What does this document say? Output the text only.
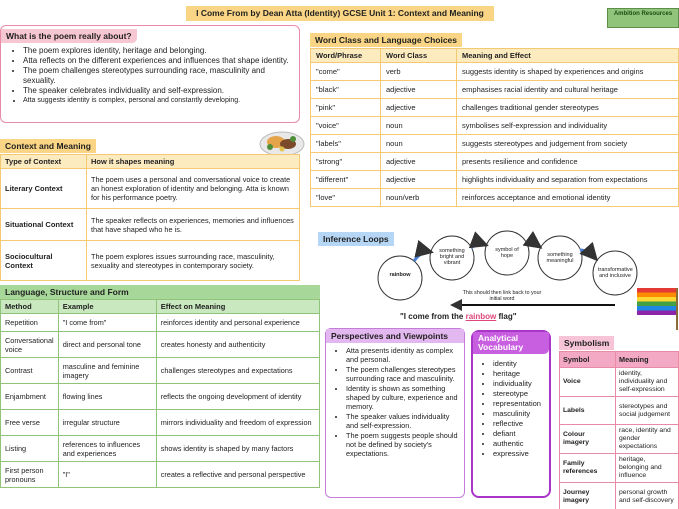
I Come From by Dean Atta (Identity) GCSE Unit 1: Context and Meaning	Ambition Resources
What is the poem really about?
• The poem explores identity, heritage and belonging.
• Atta reflects on the different experiences and influences that shape identity.
• The poem challenges stereotypes surrounding race, masculinity and sexuality.
• The speaker celebrates individuality and self-expression.
• Atta suggests identity is complex, personal and constantly developing.
Context and Meaning
Type of Context	How it shapes meaning
Literary Context	The poem uses a personal and conversational voice to create an honest exploration of identity and belonging. Atta is known for his performance poetry.
Situational Context	The speaker reflects on experiences, memories and influences that have shaped who he is.
Sociocultural Context	The poem explores issues surrounding race, masculinity, sexuality and stereotypes in contemporary society.
Language, Structure and Form
Method	Example	Effect on Meaning
Repetition	"I come from"	reinforces identity and personal experience
Conversational voice	direct and personal tone	creates honesty and authenticity
Contrast	masculine and feminine imagery	challenges stereotypes and expectations
Enjambment	flowing lines	reflects the ongoing development of identity
Free verse	irregular structure	mirrors individuality and freedom of expression
Listing	references to influences and experiences	shows identity is shaped by many factors
First person pronouns	"I"	creates a reflective and personal perspective
Word Class and Language Choices
Word/Phrase	Word Class	Meaning and Effect
"come"	verb	suggests identity is shaped by experiences and origins
"black"	adjective	emphasises racial identity and cultural heritage
"pink"	adjective	challenges traditional gender stereotypes
"voice"	noun	symbolises self-expression and individuality
"labels"	noun	suggests stereotypes and judgement from society
"strong"	adjective	presents resilience and confidence
"different"	adjective	highlights individuality and separation from expectations
"love"	noun/verb	reinforces acceptance and emotional identity
Inference Loops
rainbow
something bright and vibrant
symbol of hope	something meaningful
transformative and inclusive
This should then link back to your initial word
"I come from the rainbow flag"
Perspectives and Viewpoints
• Atta presents identity as complex and personal.
• The poem challenges stereotypes surrounding race and masculinity.
• Identity is shown as something shaped by culture, experience and memory.
• The speaker values individuality and self-expression.
• The poem suggests people should not be defined by society's expectations.
Analytical Vocabulary
• identity
• heritage
• individuality
• stereotype
• representation
• masculinity
• reflective
• defiant
• authentic
• expressive
Symbolism
Symbol	Meaning
Voice	identity, individuality and self-expression
Labels	stereotypes and social judgement
Colour imagery	race, identity and gender expectations
Family references	heritage, belonging and influence
Journey imagery	personal growth and self-discovery
